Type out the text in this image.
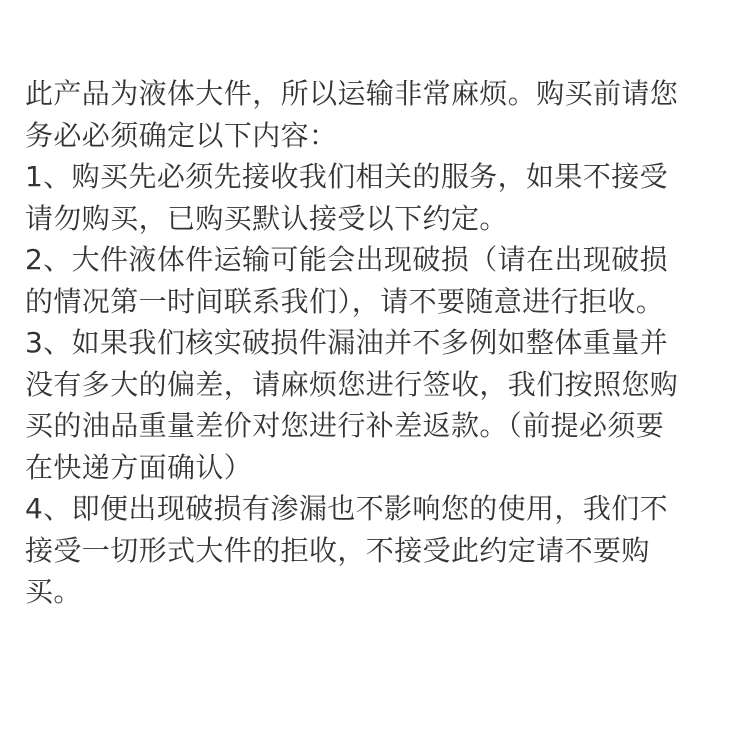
此产品为液体大件，所以运输非常麻烦。购买前请您
务必必须确定以下内容：
1、购买先必须先接收我们相关的服务，如果不接受
请勿购买，已购买默认接受以下约定。
2、大件液体件运输可能会出现破损（请在出现破损
的情况第一时间联系我们），请不要随意进行拒收。
3、如果我们核实破损件漏油并不多例如整体重量并
没有多大的偏差，请麻烦您进行签收，我们按照您购
买的油品重量差价对您进行补差返款。（前提必须要
在快递方面确认）
4、即便出现破损有渗漏也不影响您的使用，我们不
接受一切形式大件的拒收，不接受此约定请不要购
买。
